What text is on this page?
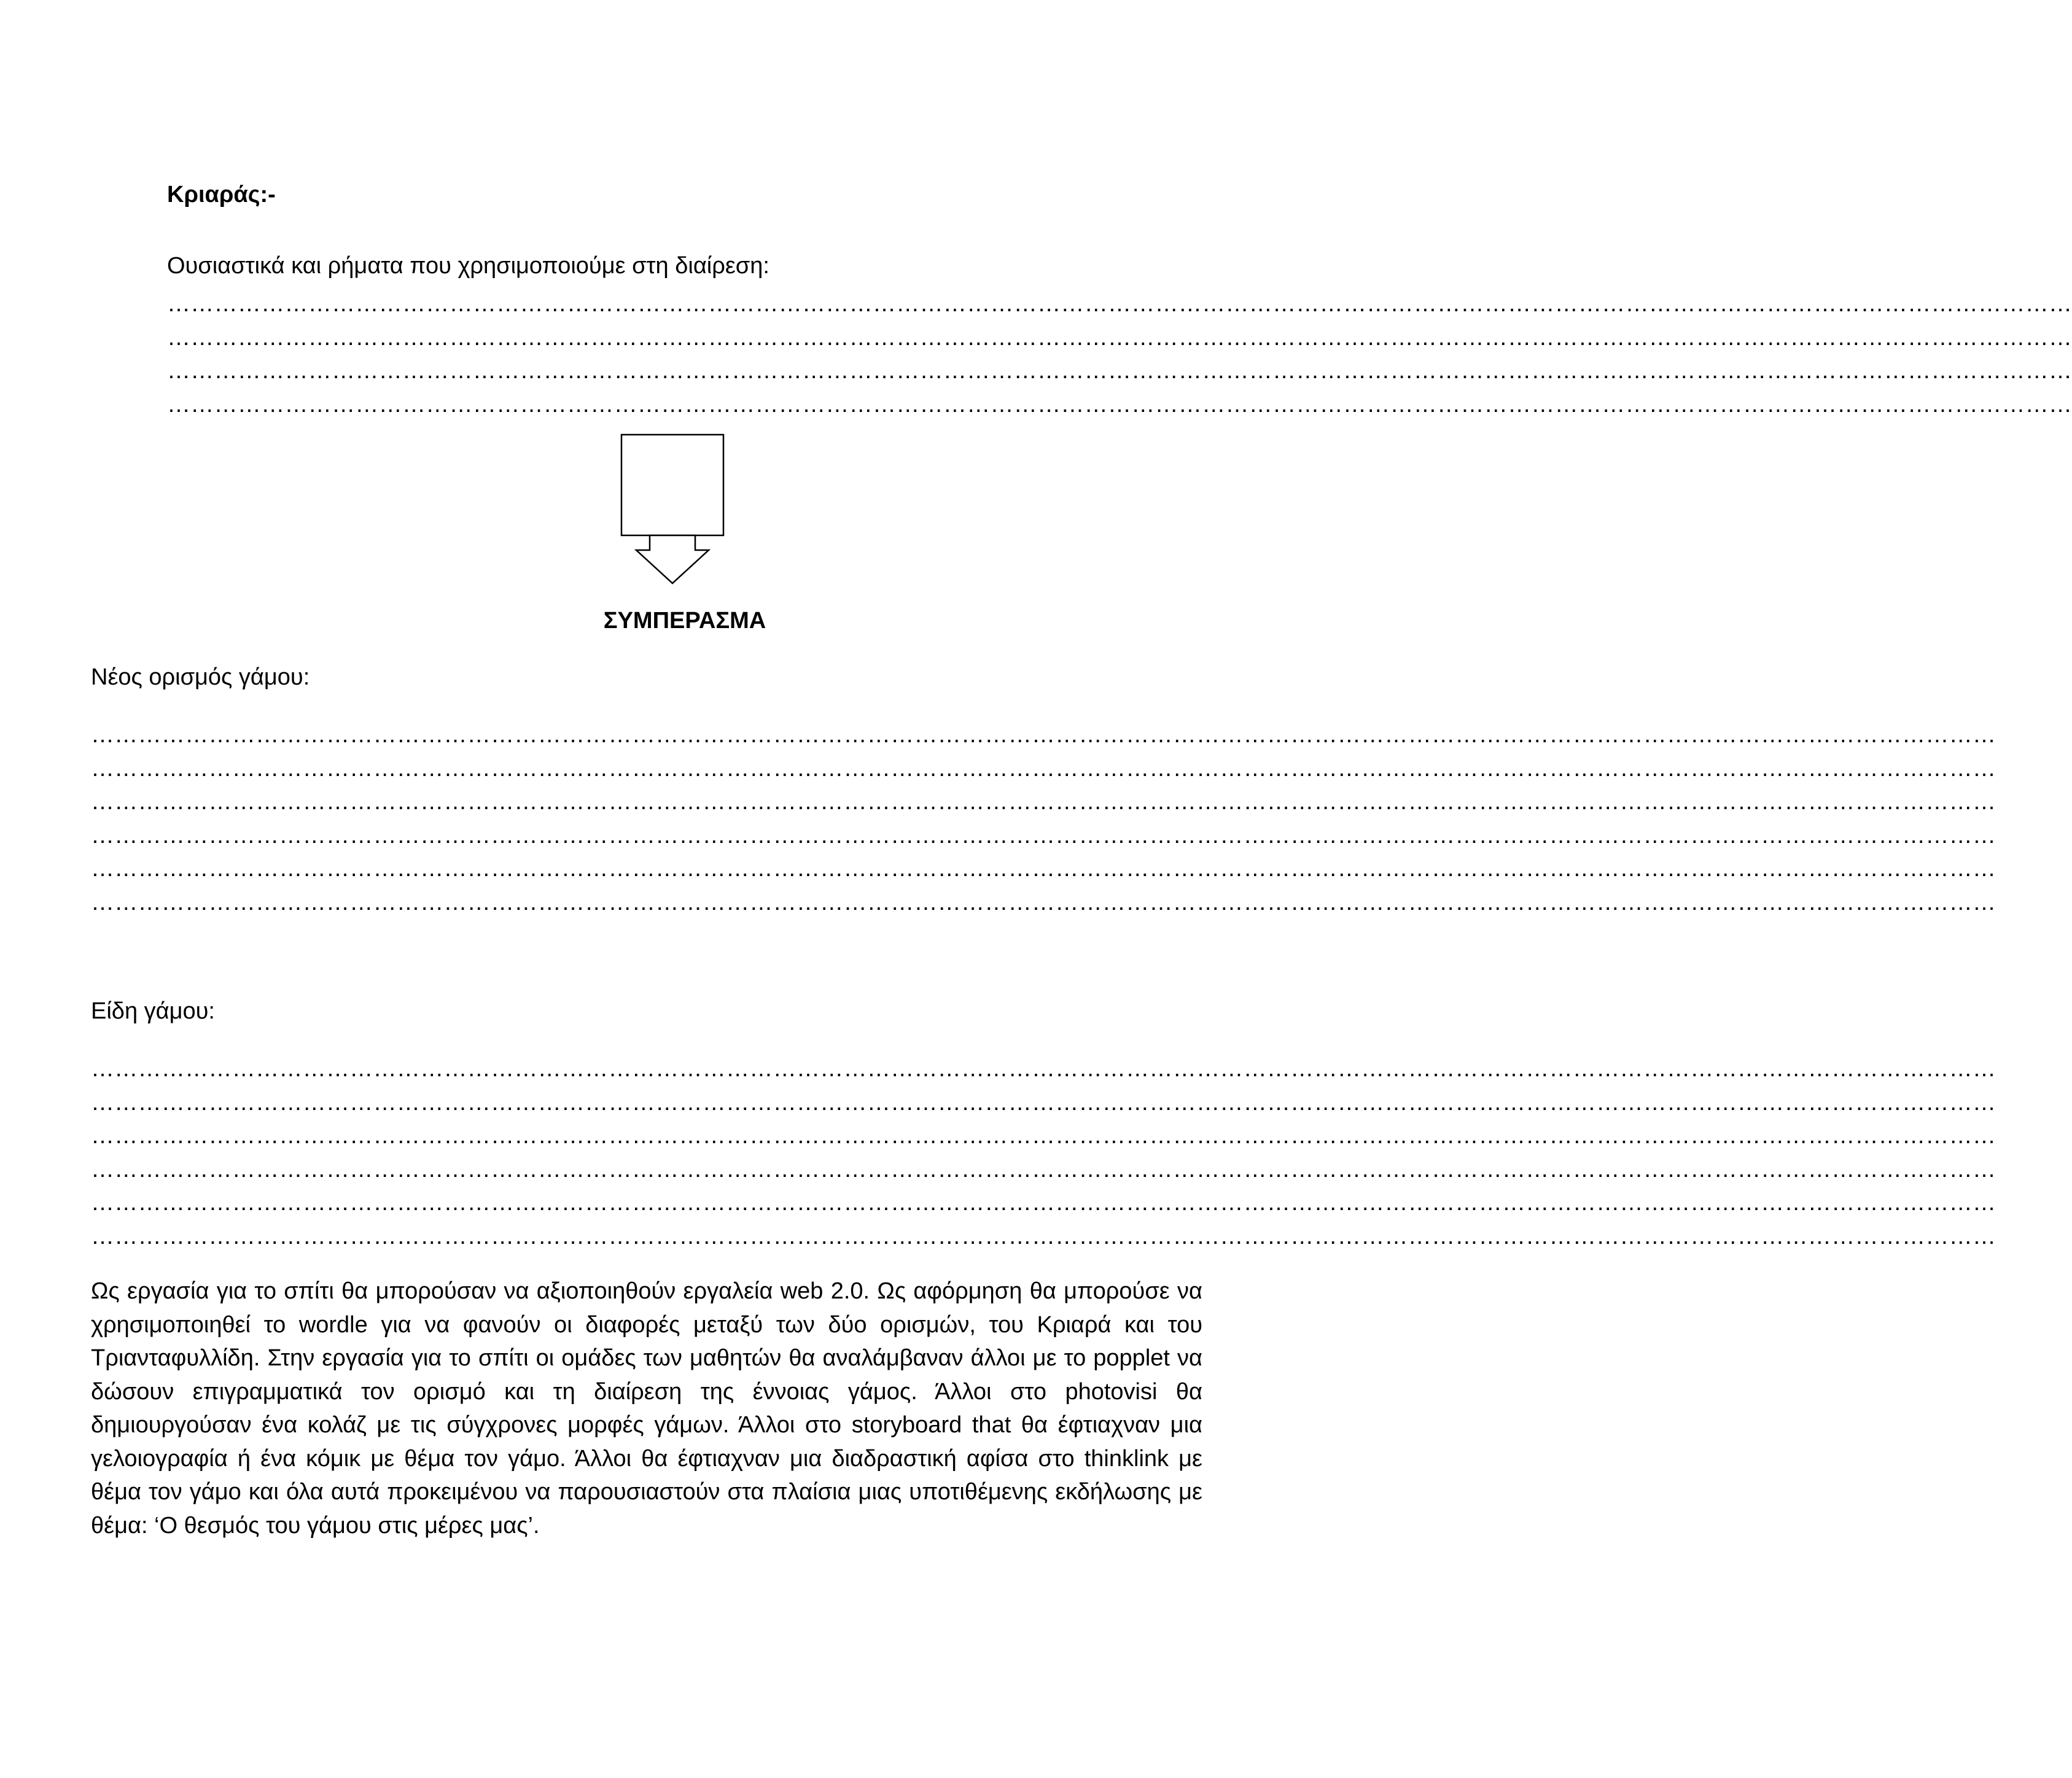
Κριαράς:-
Ουσιαστικά και ρήματα που χρησιμοποιούμε στη διαίρεση:
………………………………………………………………………………………………………………………………………………………………………………………………………………………
………………………………………………………………………………………………………………………………………………………………………………………………………………………
………………………………………………………………………………………………………………………………………………………………………………………………………………………
………………………………………………………………………………………………………………………………………………………………………………………………………………………
ΣΥΜΠΕΡΑΣΜΑ
Νέος ορισμός γάμου:
………………………………………………………………………………………………………………………………………………………………………………………………………………………
………………………………………………………………………………………………………………………………………………………………………………………………………………………
………………………………………………………………………………………………………………………………………………………………………………………………………………………
………………………………………………………………………………………………………………………………………………………………………………………………………………………
………………………………………………………………………………………………………………………………………………………………………………………………………………………
………………………………………………………………………………………………………………………………………………………………………………………………………………………
Είδη γάμου:
………………………………………………………………………………………………………………………………………………………………………………………………………………………
………………………………………………………………………………………………………………………………………………………………………………………………………………………
………………………………………………………………………………………………………………………………………………………………………………………………………………………
………………………………………………………………………………………………………………………………………………………………………………………………………………………
………………………………………………………………………………………………………………………………………………………………………………………………………………………
………………………………………………………………………………………………………………………………………………………………………………………………………………………

Ως εργασία για το σπίτι θα μπορούσαν να αξιοποιηθούν εργαλεία web 2.0. Ως αφόρμηση θα μπορούσε να χρησιμοποιηθεί το wordle για να φανούν οι διαφορές μεταξύ των δύο ορισμών, του Κριαρά και του Τριανταφυλλίδη. Στην εργασία για το σπίτι οι ομάδες των μαθητών θα αναλάμβαναν άλλοι με το popplet να δώσουν επιγραμματικά τον ορισμό και τη διαίρεση της έννοιας γάμος. Άλλοι στο photovisi θα δημιουργούσαν ένα κολάζ με τις σύγχρονες μορφές γάμων. Άλλοι στο storyboard that θα έφτιαχναν μια γελοιογραφία ή ένα κόμικ με θέμα τον γάμο. Άλλοι θα έφτιαχναν μια διαδραστική αφίσα στο thinklink με θέμα τον γάμο και όλα αυτά προκειμένου να παρουσιαστούν στα πλαίσια μιας υποτιθέμενης εκδήλωσης με θέμα: ‘Ο θεσμός του γάμου στις μέρες μας’.
